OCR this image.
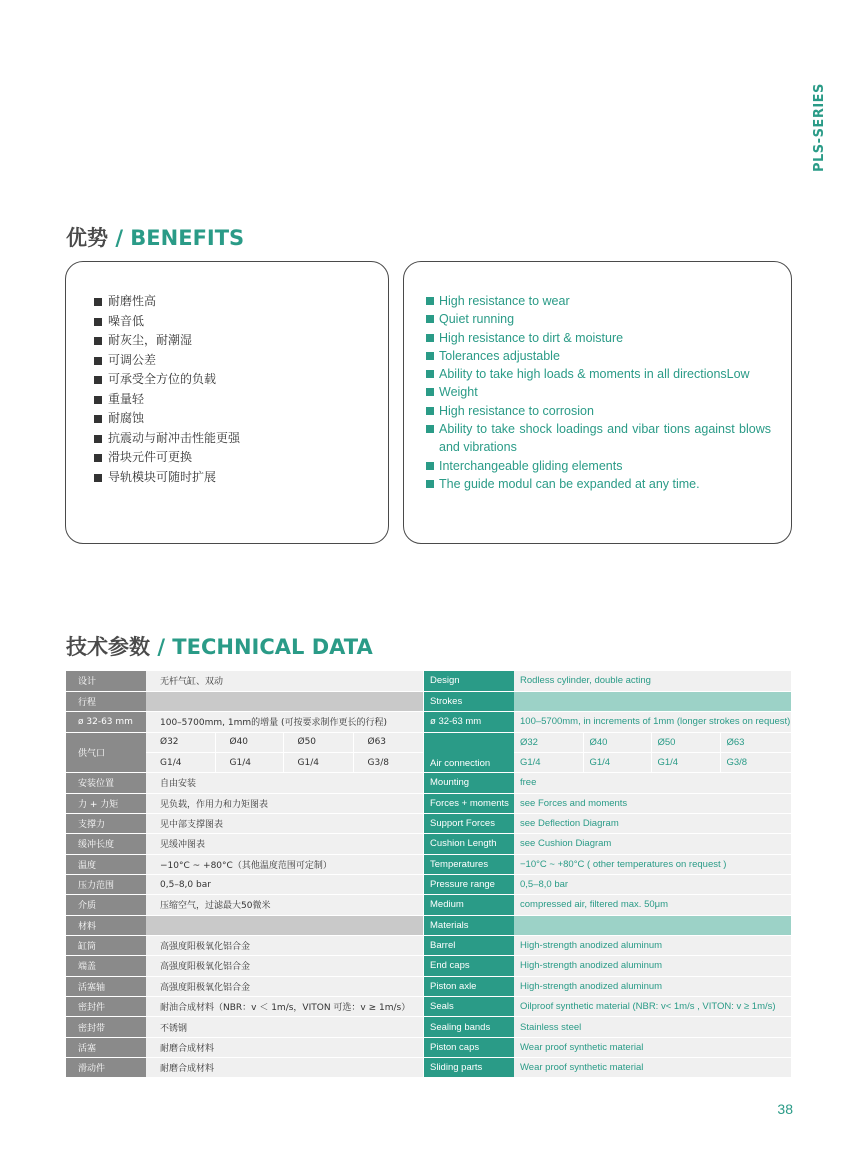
PLS-SERIES
优势 / BENEFITS
耐磨性高
噪音低
耐灰尘，耐潮湿
可调公差
可承受全方位的负载
重量轻
耐腐蚀
抗震动与耐冲击性能更强
滑块元件可更换
导轨模块可随时扩展
High resistance to wear
Quiet running
High resistance to dirt & moisture
Tolerances adjustable
Ability to take high loads & moments in all directionsLow
Weight
High resistance to corrosion
Ability to take shock loadings and vibar tions against blows and vibrations
Interchangeable gliding elements
The guide modul can be expanded at any time.
技术参数 / TECHNICAL DATA
设计	无杆气缸、双动			
行程				
ø 32-63 mm	100–5700mm, 1mm的增量 (可按要求制作更长的行程)			
供气口	Ø32	Ø40	Ø50	Ø63
	G1/4	G1/4	G1/4	G3/8
安装位置	自由安装			
力 + 力矩	见负载，作用力和力矩图表			
支撑力	见中部支撑图表			
缓冲长度	见缓冲图表			
温度	−10°C ~ +80°C（其他温度范围可定制）			
压力范围	0,5–8,0 bar			
介质	压缩空气，过滤最大50微米			
材料				
缸筒	高强度阳极氧化铝合金			
端盖	高强度阳极氧化铝合金			
活塞轴	高强度阳极氧化铝合金			
密封件	耐油合成材料（NBR：v ＜ 1m/s，VITON 可选：v ≥ 1m/s）			
密封带	不锈钢			
活塞	耐磨合成材料			
滑动件	耐磨合成材料			
Design	Rodless cylinder, double acting			
Strokes				
ø 32-63 mm	100–5700mm, in increments of 1mm (longer strokes on request)			
Air connection	Ø32	Ø40	Ø50	Ø63
	G1/4	G1/4	G1/4	G3/8
Mounting	free			
Forces + moments	see Forces and moments			
Support Forces	see Deflection Diagram			
Cushion Length	see Cushion Diagram			
Temperatures	−10°C ~ +80°C ( other temperatures on request )			
Pressure range	0,5–8,0 bar			
Medium	compressed air, filtered max. 50μm			
Materials				
Barrel	High-strength anodized aluminum			
End caps	High-strength anodized aluminum			
Piston axle	High-strength anodized aluminum			
Seals	Oilproof synthetic material (NBR: v< 1m/s , VITON: v ≥ 1m/s)			
Sealing bands	Stainless steel			
Piston caps	Wear proof synthetic material			
Sliding parts	Wear proof synthetic material			
38
